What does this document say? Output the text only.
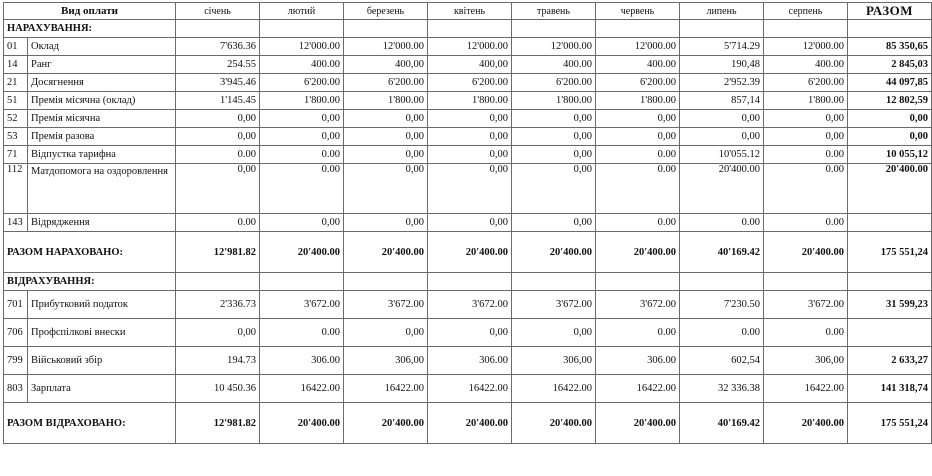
Вид оплати		січень	лютий	березень	квітень	травень	червень	липень	серпень	РАЗОМ
НАРАХУВАННЯ:										
01	Оклад	7'636.36	12'000.00	12'000.00	12'000.00	12'000.00	12'000.00	5'714.29	12'000.00	85 350,65
14	Ранг	254.55	400.00	400,00	400,00	400.00	400.00	190,48	400.00	2 845,03
21	Досягнення	3'945.46	6'200.00	6'200.00	6'200.00	6'200.00	6'200.00	2'952.39	6'200.00	44 097,85
51	Премія місячна (оклад)	1'145.45	1'800.00	1'800.00	1'800.00	1'800.00	1'800.00	857,14	1'800.00	12 802,59
52	Премія місячна	0,00	0,00	0,00	0,00	0,00	0,00	0,00	0,00	0,00
53	Премія разова	0,00	0,00	0,00	0,00	0,00	0,00	0,00	0,00	0,00
71	Відпустка тарифна	0.00	0.00	0,00	0,00	0,00	0.00	10'055.12	0.00	10 055,12
112	Матдопомога на оздоровлення	0,00	0.00	0,00	0,00	0,00	0.00	20'400.00	0.00	20'400.00
143	Відрядження	0.00	0,00	0,00	0,00	0,00	0.00	0.00	0.00	
РАЗОМ НАРАХОВАНО:		12'981.82	20'400.00	20'400.00	20'400.00	20'400.00	20'400.00	40'169.42	20'400.00	175 551,24
ВІДРАХУВАННЯ:										
701	Прибутковий податок	2'336.73	3'672.00	3'672.00	3'672.00	3'672.00	3'672.00	7'230.50	3'672.00	31 599,23
706	Профспілкові внески	0,00	0.00	0,00	0,00	0,00	0.00	0.00	0.00	
799	Військовий збір	194.73	306.00	306,00	306.00	306,00	306.00	602,54	306,00	2 633,27
803	Зарплата	10 450.36	16422.00	16422.00	16422.00	16422.00	16422.00	32 336.38	16422.00	141 318,74
РАЗОМ ВІДРАХОВАНО:		12'981.82	20'400.00	20'400.00	20'400.00	20'400.00	20'400.00	40'169.42	20'400.00	175 551,24
